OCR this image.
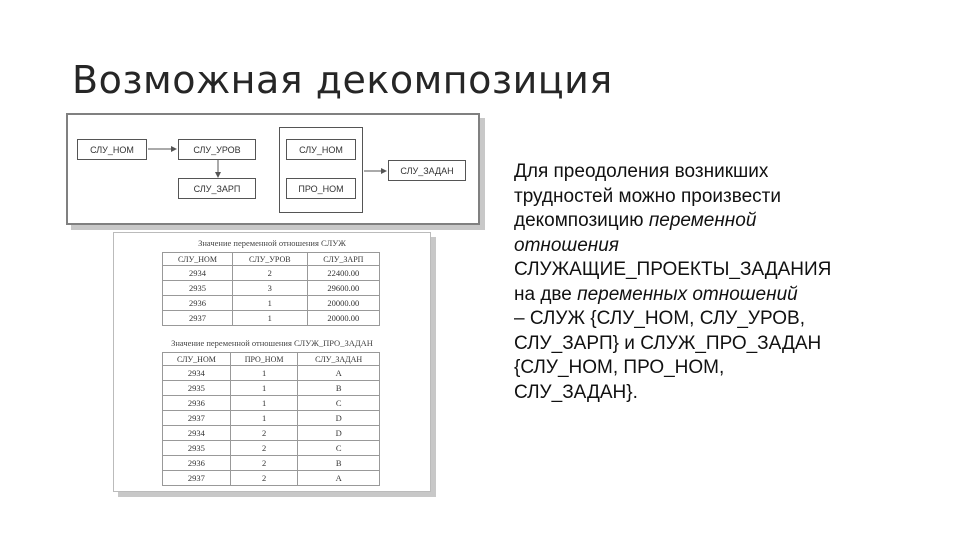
Возможная декомпозиция
СЛУ_НОМ	СЛУ_УРОВ
СЛУ_ЗАРП
СЛУ_НОМ
ПРО_НОМ
СЛУ_ЗАДАН
Значение переменной отношения СЛУЖ
СЛУ_НОМ	СЛУ_УРОВ	СЛУ_ЗАРП
2934	2	22400.00
2935	3	29600.00
2936	1	20000.00
2937	1	20000.00
Значение переменной отношения СЛУЖ_ПРО_ЗАДАН
СЛУ_НОМ	ПРО_НОМ	СЛУ_ЗАДАН
2934	1	A
2935	1	B
2936	1	C
2937	1	D
2934	2	D
2935	2	C
2936	2	B
2937	2	A
Для преодоления возникших
трудностей можно произвести
декомпозицию переменной
отношения
СЛУЖАЩИЕ_ПРОЕКТЫ_ЗАДАНИЯ
на две переменных отношений
– СЛУЖ {СЛУ_НОМ, СЛУ_УРОВ,
СЛУ_ЗАРП} и СЛУЖ_ПРО_ЗАДАН
{СЛУ_НОМ, ПРО_НОМ,
СЛУ_ЗАДАН}.
